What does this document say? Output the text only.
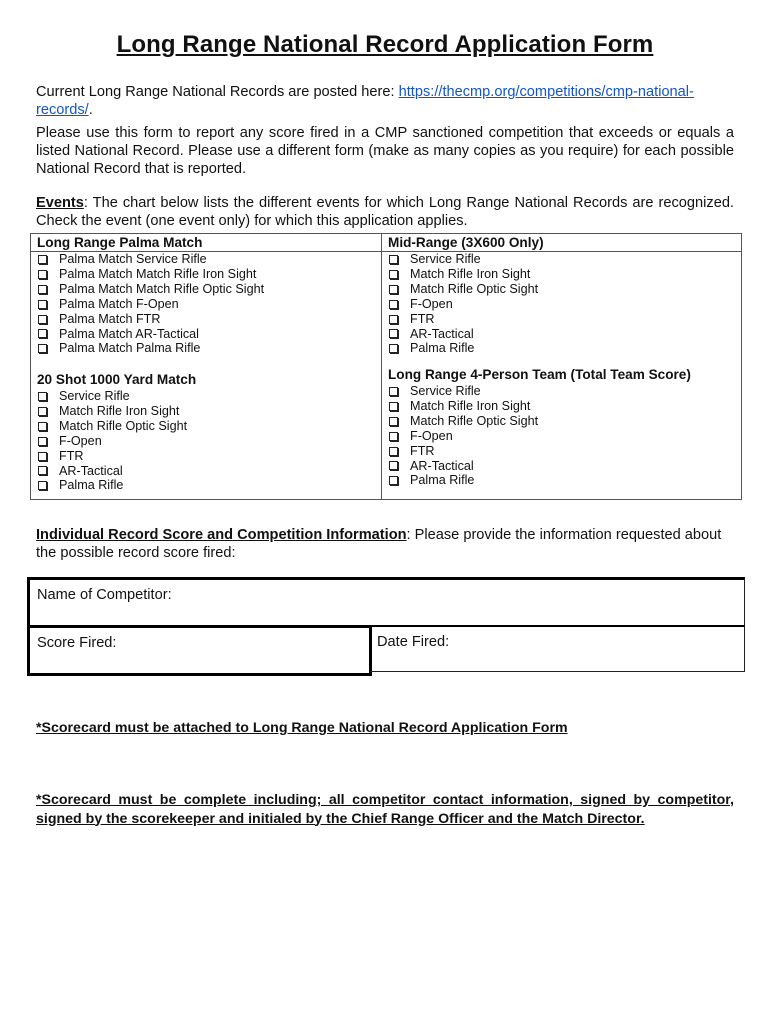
Long Range National Record Application Form
Current Long Range National Records are posted here: https://thecmp.org/competitions/cmp-national-records/.
Please use this form to report any score fired in a CMP sanctioned competition that exceeds or equals a listed National Record. Please use a different form (make as many copies as you require) for each possible National Record that is reported.
Events: The chart below lists the different events for which Long Range National Records are recognized. Check the event (one event only) for which this application applies.
Long Range Palma Match
Palma Match Service Rifle
Palma Match Match Rifle Iron Sight
Palma Match Match Rifle Optic Sight
Palma Match F-Open
Palma Match FTR
Palma Match AR-Tactical
Palma Match Palma Rifle
Mid-Range (3X600 Only)
Service Rifle
Match Rifle Iron Sight
Match Rifle Optic Sight
F-Open
FTR
AR-Tactical
Palma Rifle
20 Shot 1000 Yard Match
Service Rifle
Match Rifle Iron Sight
Match Rifle Optic Sight
F-Open
FTR
AR-Tactical
Palma Rifle
Long Range 4-Person Team (Total Team Score)
Service Rifle
Match Rifle Iron Sight
Match Rifle Optic Sight
F-Open
FTR
AR-Tactical
Palma Rifle
Individual Record Score and Competition Information: Please provide the information requested about the possible record score fired:
Name of Competitor:
Score Fired:	Date Fired:
*Scorecard must be attached to Long Range National Record Application Form
*Scorecard must be complete including; all competitor contact information, signed by competitor, signed by the scorekeeper and initialed by the Chief Range Officer and the Match Director.
